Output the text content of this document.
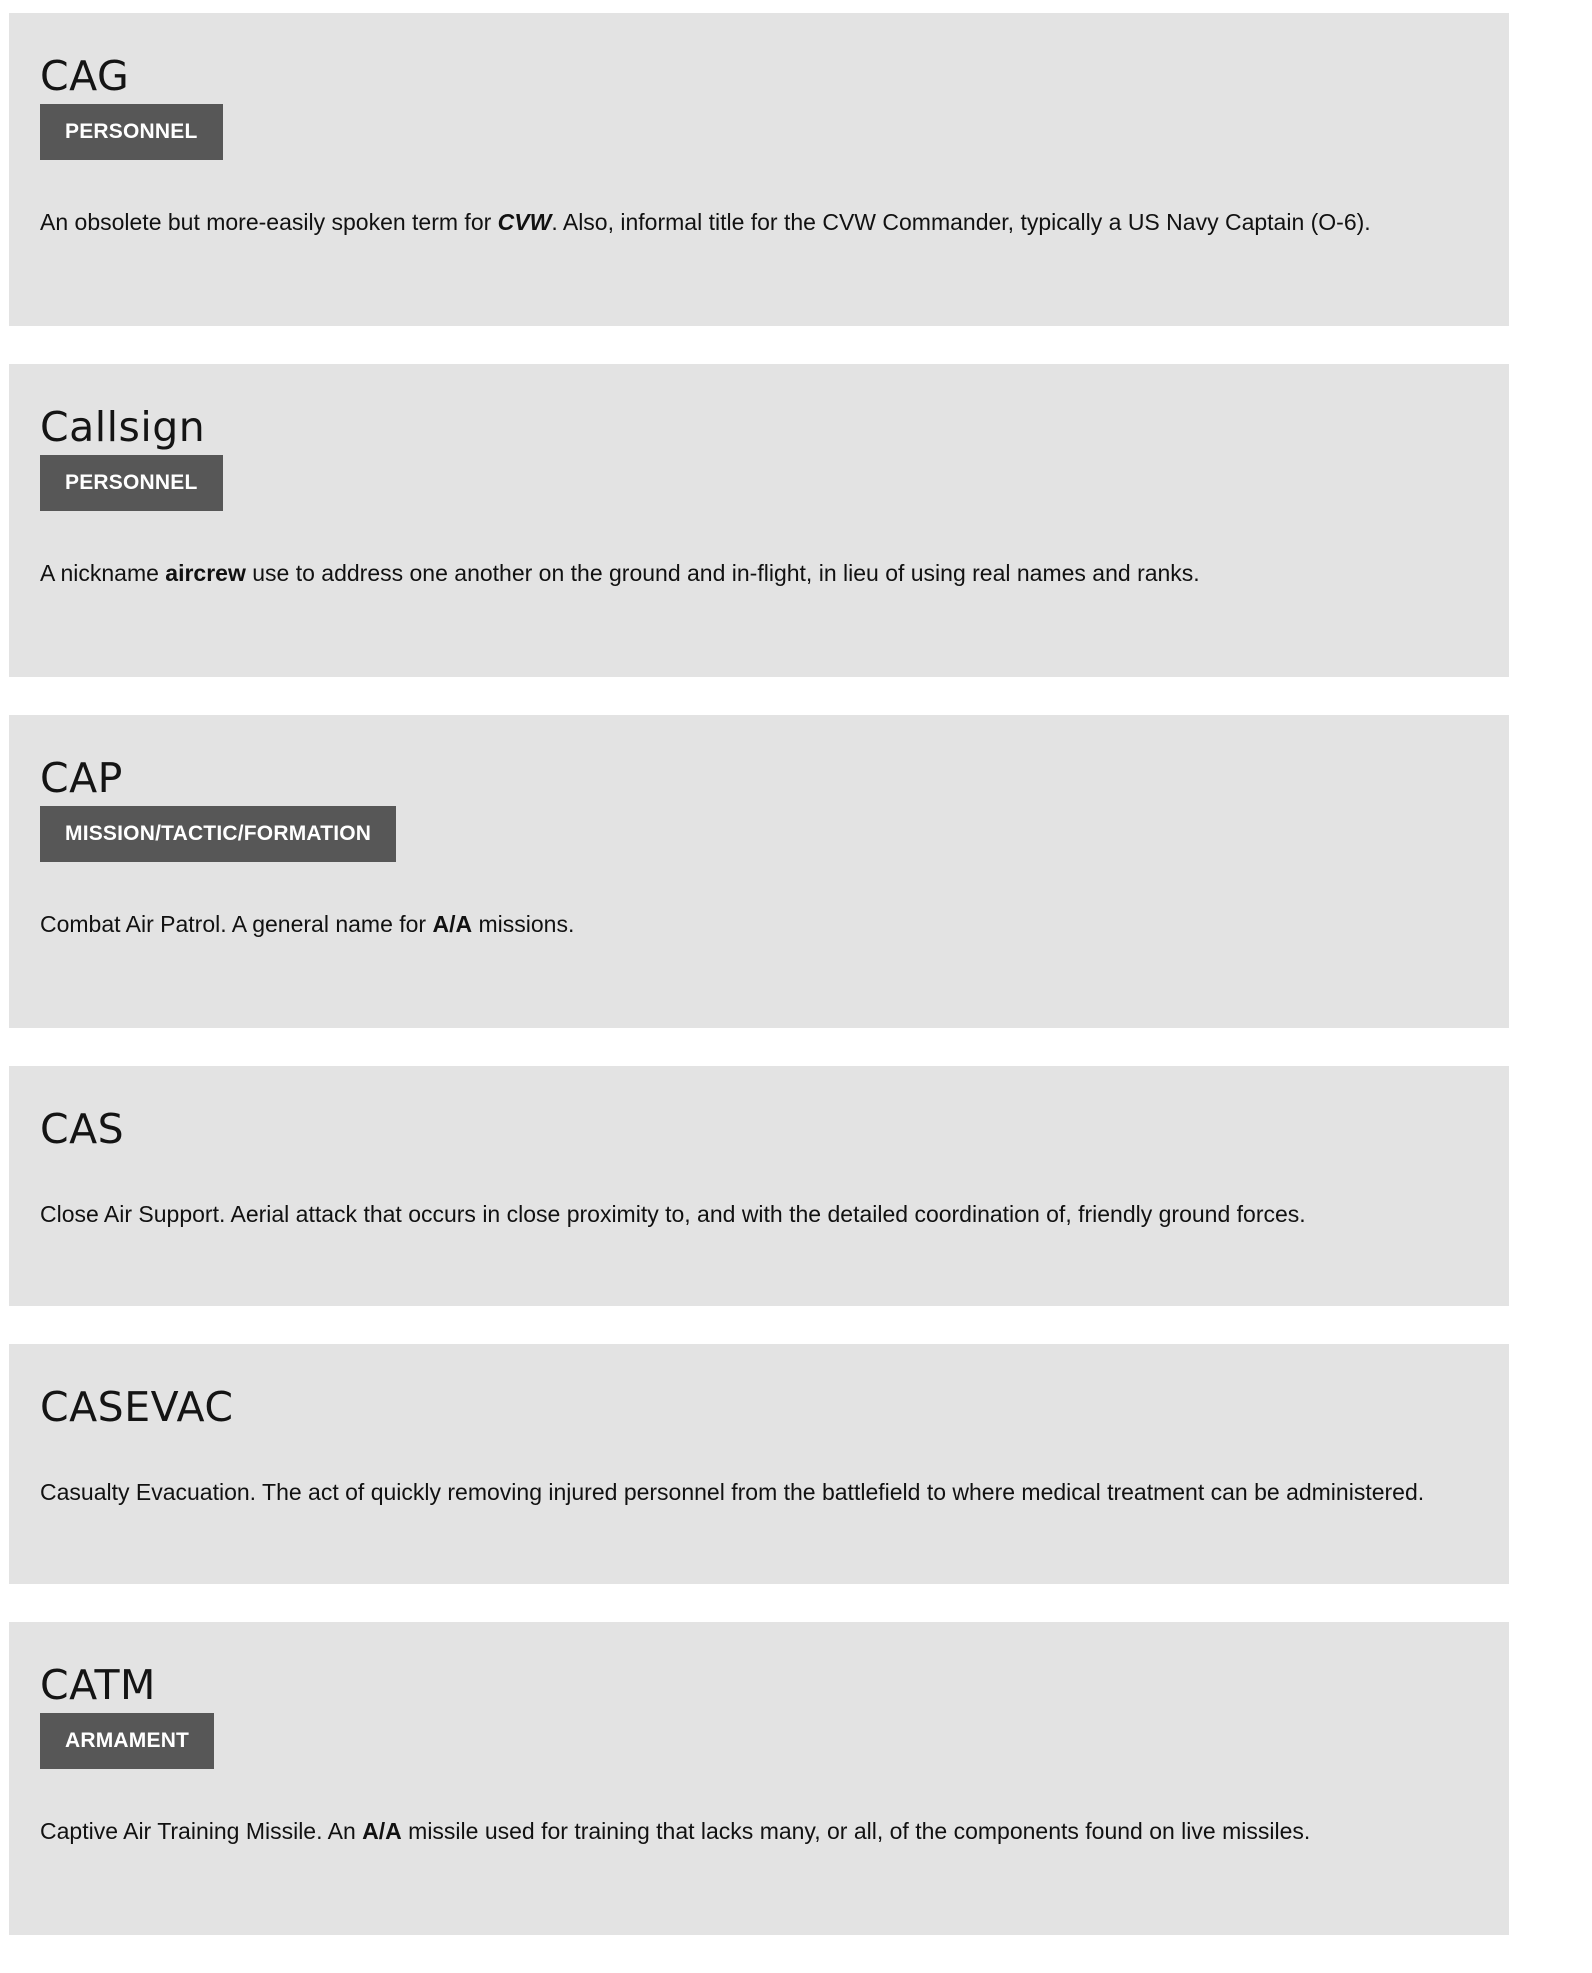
CAG
PERSONNEL

An obsolete but more-easily spoken term for CVW. Also, informal title for the CVW Commander, typically a US Navy Captain (O-6).

Callsign
PERSONNEL

A nickname aircrew use to address one another on the ground and in-flight, in lieu of using real names and ranks.

CAP
MISSION/TACTIC/FORMATION

Combat Air Patrol. A general name for A/A missions.

CAS

Close Air Support. Aerial attack that occurs in close proximity to, and with the detailed coordination of, friendly ground forces.

CASEVAC

Casualty Evacuation. The act of quickly removing injured personnel from the battlefield to where medical treatment can be administered.

CATM
ARMAMENT

Captive Air Training Missile. An A/A missile used for training that lacks many, or all, of the components found on live missiles.
